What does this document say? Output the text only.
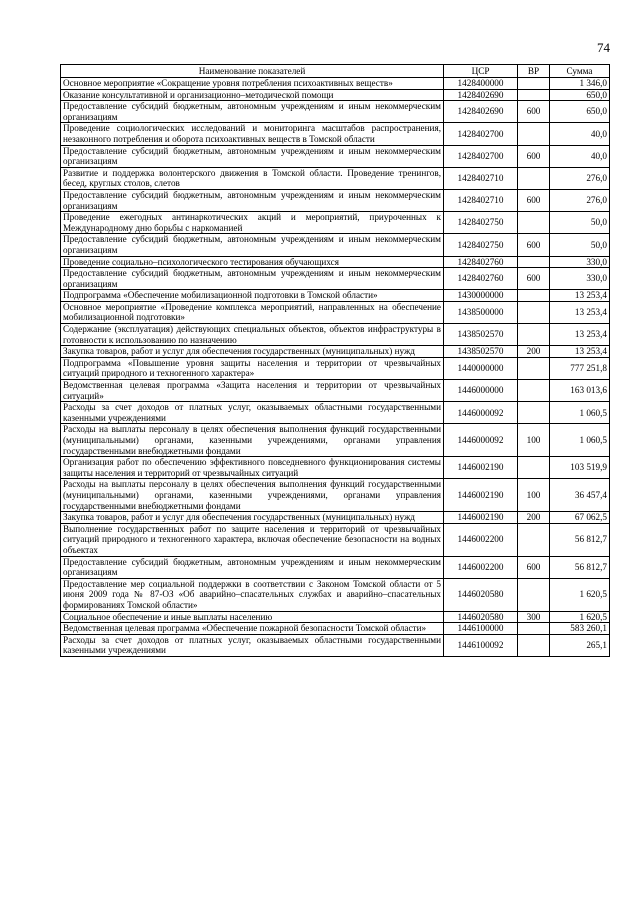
74
Наименование показателей	ЦСР	ВР	Сумма
Основное мероприятие «Сокращение уровня потребления психоактивных веществ»	1428400000		1 346,0
Оказание консультативной и организационно–методической помощи	1428402690		650,0
Предоставление субсидий бюджетным, автономным учреждениям и иным некоммерческим организациям	1428402690	600	650,0
Проведение социологических исследований и мониторинга масштабов распространения, незаконного потребления и оборота психоактивных веществ в Томской области	1428402700		40,0
Предоставление субсидий бюджетным, автономным учреждениям и иным некоммерческим организациям	1428402700	600	40,0
Развитие и поддержка волонтерского движения в Томской области. Проведение тренингов, бесед, круглых столов, слетов	1428402710		276,0
Предоставление субсидий бюджетным, автономным учреждениям и иным некоммерческим организациям	1428402710	600	276,0
Проведение ежегодных антинаркотических акций и мероприятий, приуроченных к Международному дню борьбы с наркоманией	1428402750		50,0
Предоставление субсидий бюджетным, автономным учреждениям и иным некоммерческим организациям	1428402750	600	50,0
Проведение социально–психологического тестирования обучающихся	1428402760		330,0
Предоставление субсидий бюджетным, автономным учреждениям и иным некоммерческим организациям	1428402760	600	330,0
Подпрограмма «Обеспечение мобилизационной подготовки в Томской области»	1430000000		13 253,4
Основное мероприятие «Проведение комплекса мероприятий, направленных на обеспечение мобилизационной подготовки»	1438500000		13 253,4
Содержание (эксплуатация) действующих специальных объектов, объектов инфраструктуры в готовности к использованию по назначению	1438502570		13 253,4
Закупка товаров, работ и услуг для обеспечения государственных (муниципальных) нужд	1438502570	200	13 253,4
Подпрограмма «Повышение уровня защиты населения и территории от чрезвычайных ситуаций природного и техногенного характера»	1440000000		777 251,8
Ведомственная целевая программа «Защита населения и территории от чрезвычайных ситуаций»	1446000000		163 013,6
Расходы за счет доходов от платных услуг, оказываемых областными государственными казенными учреждениями	1446000092		1 060,5
Расходы на выплаты персоналу в целях обеспечения выполнения функций государственными (муниципальными) органами, казенными учреждениями, органами управления государственными внебюджетными фондами	1446000092	100	1 060,5
Организация работ по обеспечению эффективного повседневного функционирования системы защиты населения и территорий от чрезвычайных ситуаций	1446002190		103 519,9
Расходы на выплаты персоналу в целях обеспечения выполнения функций государственными (муниципальными) органами, казенными учреждениями, органами управления государственными внебюджетными фондами	1446002190	100	36 457,4
Закупка товаров, работ и услуг для обеспечения государственных (муниципальных) нужд	1446002190	200	67 062,5
Выполнение государственных работ по защите населения и территорий от чрезвычайных ситуаций природного и техногенного характера, включая обеспечение безопасности на водных объектах	1446002200		56 812,7
Предоставление субсидий бюджетным, автономным учреждениям и иным некоммерческим организациям	1446002200	600	56 812,7
Предоставление мер социальной поддержки в соответствии с Законом Томской области от 5 июня 2009 года № 87-ОЗ «Об аварийно–спасательных службах и аварийно–спасательных формированиях Томской области»	1446020580		1 620,5
Социальное обеспечение и иные выплаты населению	1446020580	300	1 620,5
Ведомственная целевая программа «Обеспечение пожарной безопасности Томской области»	1446100000		583 260,1
Расходы за счет доходов от платных услуг, оказываемых областными государственными казенными учреждениями	1446100092		265,1
